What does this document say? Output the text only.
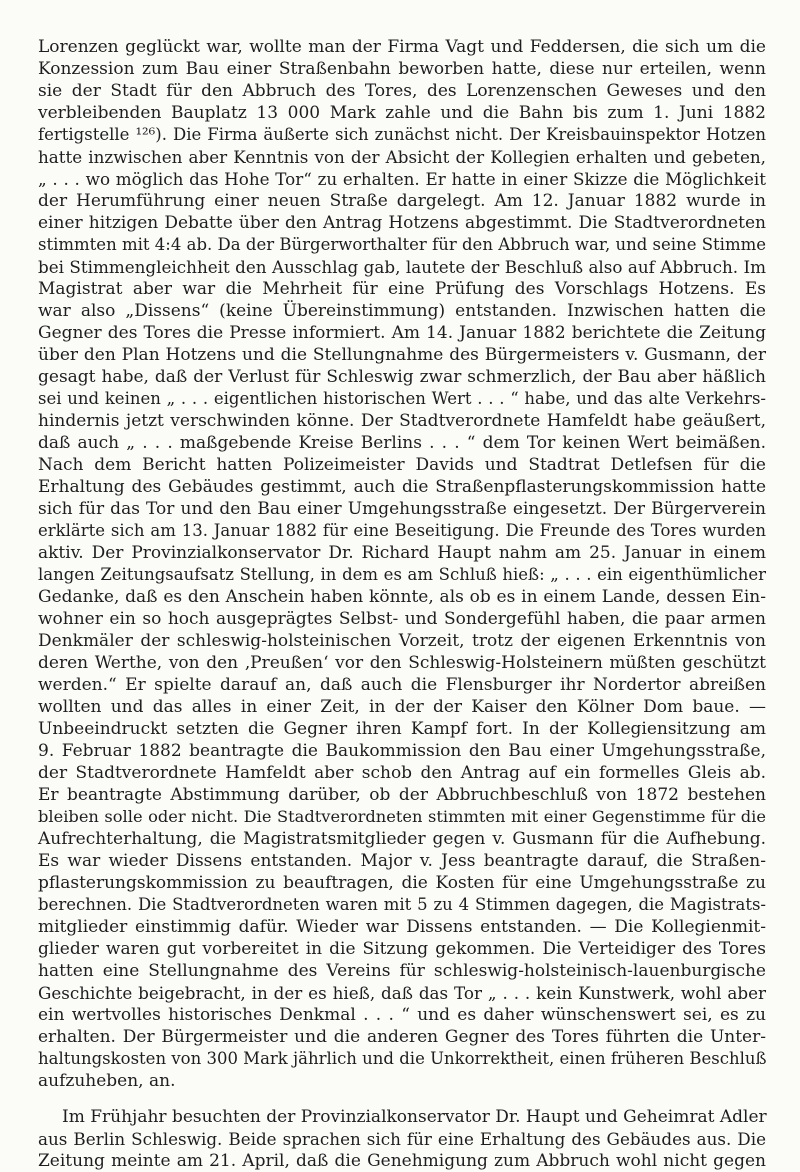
Lorenzen geglückt war, wollte man der Firma Vagt und Feddersen, die sich um die
Konzession zum Bau einer Straßenbahn beworben hatte, diese nur erteilen, wenn
sie der Stadt für den Abbruch des Tores, des Lorenzenschen Geweses und den
verbleibenden Bauplatz 13 000 Mark zahle und die Bahn bis zum 1. Juni 1882
fertigstelle ¹²⁶). Die Firma äußerte sich zunächst nicht. Der Kreisbauinspektor Hotzen
hatte inzwischen aber Kenntnis von der Absicht der Kollegien erhalten und gebeten,
„ . . . wo möglich das Hohe Tor“ zu erhalten. Er hatte in einer Skizze die Möglichkeit
der Herumführung einer neuen Straße dargelegt. Am 12. Januar 1882 wurde in
einer hitzigen Debatte über den Antrag Hotzens abgestimmt. Die Stadtverordneten
stimmten mit 4:4 ab. Da der Bürgerworthalter für den Abbruch war, und seine Stimme
bei Stimmengleichheit den Ausschlag gab, lautete der Beschluß also auf Abbruch. Im
Magistrat aber war die Mehrheit für eine Prüfung des Vorschlags Hotzens. Es
war also „Dissens“ (keine Übereinstimmung) entstanden. Inzwischen hatten die
Gegner des Tores die Presse informiert. Am 14. Januar 1882 berichtete die Zeitung
über den Plan Hotzens und die Stellungnahme des Bürgermeisters v. Gusmann, der
gesagt habe, daß der Verlust für Schleswig zwar schmerzlich, der Bau aber häßlich
sei und keinen „ . . . eigentlichen historischen Wert . . . “ habe, und das alte Verkehrs-
hindernis jetzt verschwinden könne. Der Stadtverordnete Hamfeldt habe geäußert,
daß auch „ . . . maßgebende Kreise Berlins . . . “ dem Tor keinen Wert beimäßen.
Nach dem Bericht hatten Polizeimeister Davids und Stadtrat Detlefsen für die
Erhaltung des Gebäudes gestimmt, auch die Straßenpflasterungskommission hatte
sich für das Tor und den Bau einer Umgehungsstraße eingesetzt. Der Bürgerverein
erklärte sich am 13. Januar 1882 für eine Beseitigung. Die Freunde des Tores wurden
aktiv. Der Provinzialkonservator Dr. Richard Haupt nahm am 25. Januar in einem
langen Zeitungsaufsatz Stellung, in dem es am Schluß hieß: „ . . . ein eigenthümlicher
Gedanke, daß es den Anschein haben könnte, als ob es in einem Lande, dessen Ein-
wohner ein so hoch ausgeprägtes Selbst- und Sondergefühl haben, die paar armen
Denkmäler der schleswig-holsteinischen Vorzeit, trotz der eigenen Erkenntnis von
deren Werthe, von den ‚Preußen‘ vor den Schleswig-Holsteinern müßten geschützt
werden.“ Er spielte darauf an, daß auch die Flensburger ihr Nordertor abreißen
wollten und das alles in einer Zeit, in der der Kaiser den Kölner Dom baue. —
Unbeeindruckt setzten die Gegner ihren Kampf fort. In der Kollegiensitzung am
9. Februar 1882 beantragte die Baukommission den Bau einer Umgehungsstraße,
der Stadtverordnete Hamfeldt aber schob den Antrag auf ein formelles Gleis ab.
Er beantragte Abstimmung darüber, ob der Abbruchbeschluß von 1872 bestehen
bleiben solle oder nicht. Die Stadtverordneten stimmten mit einer Gegenstimme für die
Aufrechterhaltung, die Magistratsmitglieder gegen v. Gusmann für die Aufhebung.
Es war wieder Dissens entstanden. Major v. Jess beantragte darauf, die Straßen-
pflasterungskommission zu beauftragen, die Kosten für eine Umgehungsstraße zu
berechnen. Die Stadtverordneten waren mit 5 zu 4 Stimmen dagegen, die Magistrats-
mitglieder einstimmig dafür. Wieder war Dissens entstanden. — Die Kollegienmit-
glieder waren gut vorbereitet in die Sitzung gekommen. Die Verteidiger des Tores
hatten eine Stellungnahme des Vereins für schleswig-holsteinisch-lauenburgische
Geschichte beigebracht, in der es hieß, daß das Tor „ . . . kein Kunstwerk, wohl aber
ein wertvolles historisches Denkmal . . . “ und es daher wünschenswert sei, es zu
erhalten. Der Bürgermeister und die anderen Gegner des Tores führten die Unter-
haltungskosten von 300 Mark jährlich und die Unkorrektheit, einen früheren Beschluß
aufzuheben, an.
Im Frühjahr besuchten der Provinzialkonservator Dr. Haupt und Geheimrat Adler
aus Berlin Schleswig. Beide sprachen sich für eine Erhaltung des Gebäudes aus. Die
Zeitung meinte am 21. April, daß die Genehmigung zum Abbruch wohl nicht gegen
